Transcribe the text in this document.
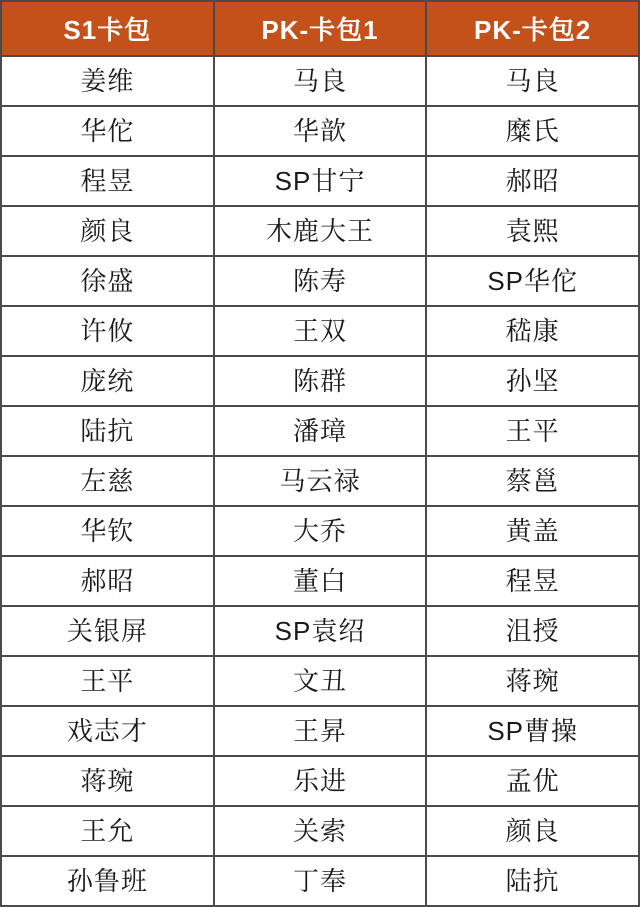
S1卡包	PK-卡包1	PK-卡包2
姜维	马良	马良
华佗	华歆	糜氏
程昱	SP甘宁	郝昭
颜良	木鹿大王	袁熙
徐盛	陈寿	SP华佗
许攸	王双	嵇康
庞统	陈群	孙坚
陆抗	潘璋	王平
左慈	马云禄	蔡邕
华钦	大乔	黄盖
郝昭	董白	程昱
关银屏	SP袁绍	沮授
王平	文丑	蒋琬
戏志才	王昇	SP曹操
蒋琬	乐进	孟优
王允	关索	颜良
孙鲁班	丁奉	陆抗
